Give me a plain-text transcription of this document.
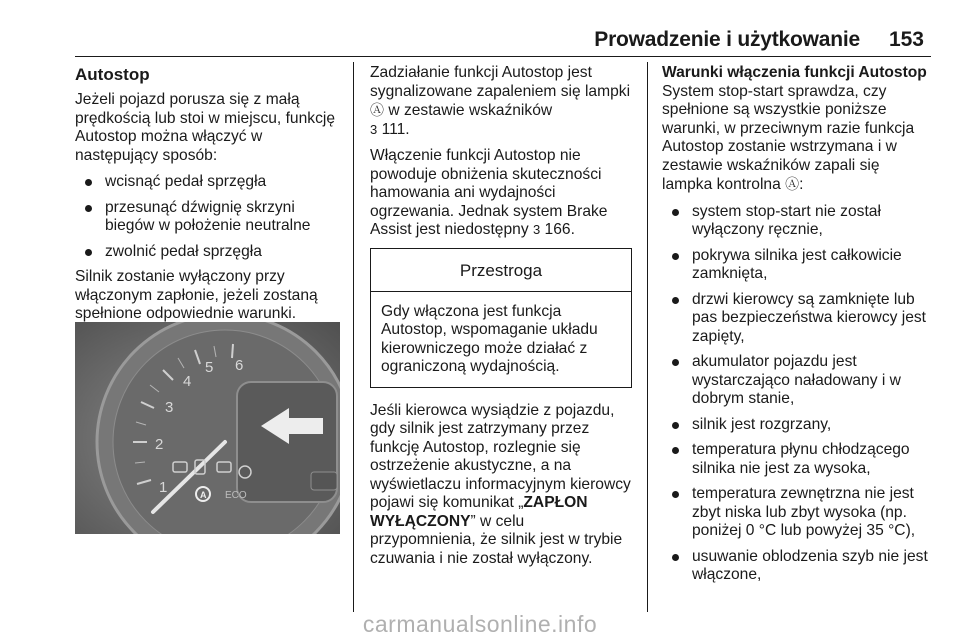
Prowadzenie i użytkowanie	153
Autostop

Jeżeli pojazd porusza się z małą prędkością lub stoi w miejscu, funkcję Autostop można włączyć w następujący sposób:

wcisnąć pedał sprzęgła
przesunąć dźwignię skrzyni biegów w położenie neutralne
zwolnić pedał sprzęgła

Silnik zostanie wyłączony przy włączonym zapłonie, jeżeli zostaną spełnione odpowiednie warunki.

1
2
3
4
5 6
A ECO

Zadziałanie funkcji Autostop jest sygnalizowane zapaleniem się lampki Ⓐ w zestawie wskaźników
3 111.

Włączenie funkcji Autostop nie powoduje obniżenia skuteczności hamowania ani wydajności ogrzewania. Jednak system Brake Assist jest niedostępny 3 166.

Przestroga
Gdy włączona jest funkcja Autostop, wspomaganie układu kierowniczego może działać z ograniczoną wydajnością.

Jeśli kierowca wysiądzie z pojazdu, gdy silnik jest zatrzymany przez funkcję Autostop, rozlegnie się ostrzeżenie akustyczne, a na wyświetlaczu informacyjnym kierowcy pojawi się komunikat „ZAPŁON WYŁĄCZONY” w celu przypomnienia, że silnik jest w trybie czuwania i nie został wyłączony.

Warunki włączenia funkcji Autostop

System stop-start sprawdza, czy spełnione są wszystkie poniższe warunki, w przeciwnym razie funkcja Autostop zostanie wstrzymana i w zestawie wskaźników zapali się lampka kontrolna Ⓐ:

system stop-start nie został wyłączony ręcznie,
pokrywa silnika jest całkowicie zamknięta,
drzwi kierowcy są zamknięte lub pas bezpieczeństwa kierowcy jest zapięty,
akumulator pojazdu jest wystarczająco naładowany i w dobrym stanie,
silnik jest rozgrzany,
temperatura płynu chłodzącego silnika nie jest za wysoka,
temperatura zewnętrzna nie jest zbyt niska lub zbyt wysoka (np. poniżej 0 °C lub powyżej 35 °C),
usuwanie oblodzenia szyb nie jest włączone,
carmanualsonline.info
